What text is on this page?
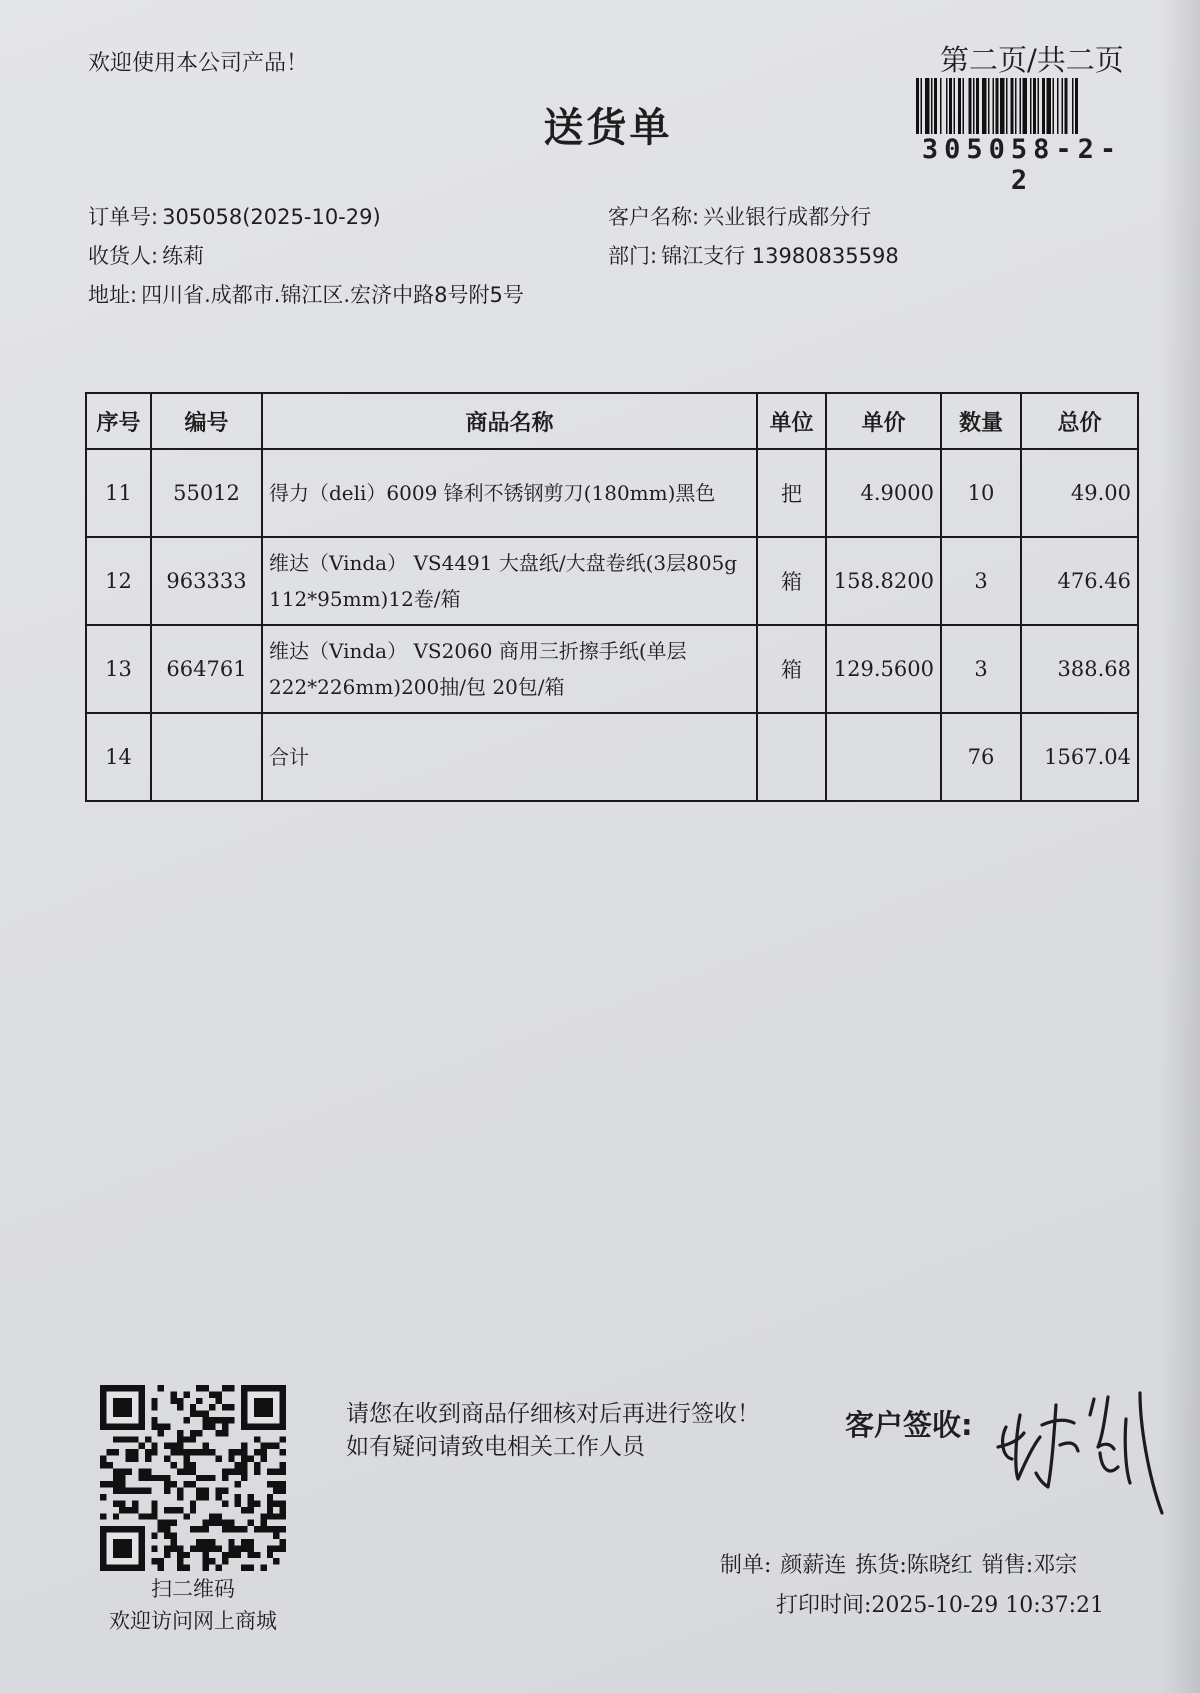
欢迎使用本公司产品！	第二页/共二页
305058-2-2
送货单
订单号: 305058(2025-10-29)	客户名称: 兴业银行成都分行
收货人: 练莉	部门: 锦江支行 13980835598
地址: 四川省.成都市.锦江区.宏济中路8号附5号
序号	编号	商品名称	单位	单价	数量	总价
11	55012	得力（deli）6009 锋利不锈钢剪刀(180mm)黑色	把	4.9000	10	49.00
12	963333	维达（Vinda） VS4491 大盘纸/大盘卷纸(3层805g 112*95mm)12卷/箱	箱	158.8200	3	476.46
13	664761	维达（Vinda） VS2060 商用三折擦手纸(单层 222*226mm)200抽/包 20包/箱	箱	129.5600	3	388.68
14		合计			76	1567.04
扫二维码
欢迎访问网上商城
请您在收到商品仔细核对后再进行签收！如有疑问请致电相关工作人员
客户签收:
制单: 颜薪连 拣货:陈晓红 销售:邓宗
打印时间:2025-10-29 10:37:21
